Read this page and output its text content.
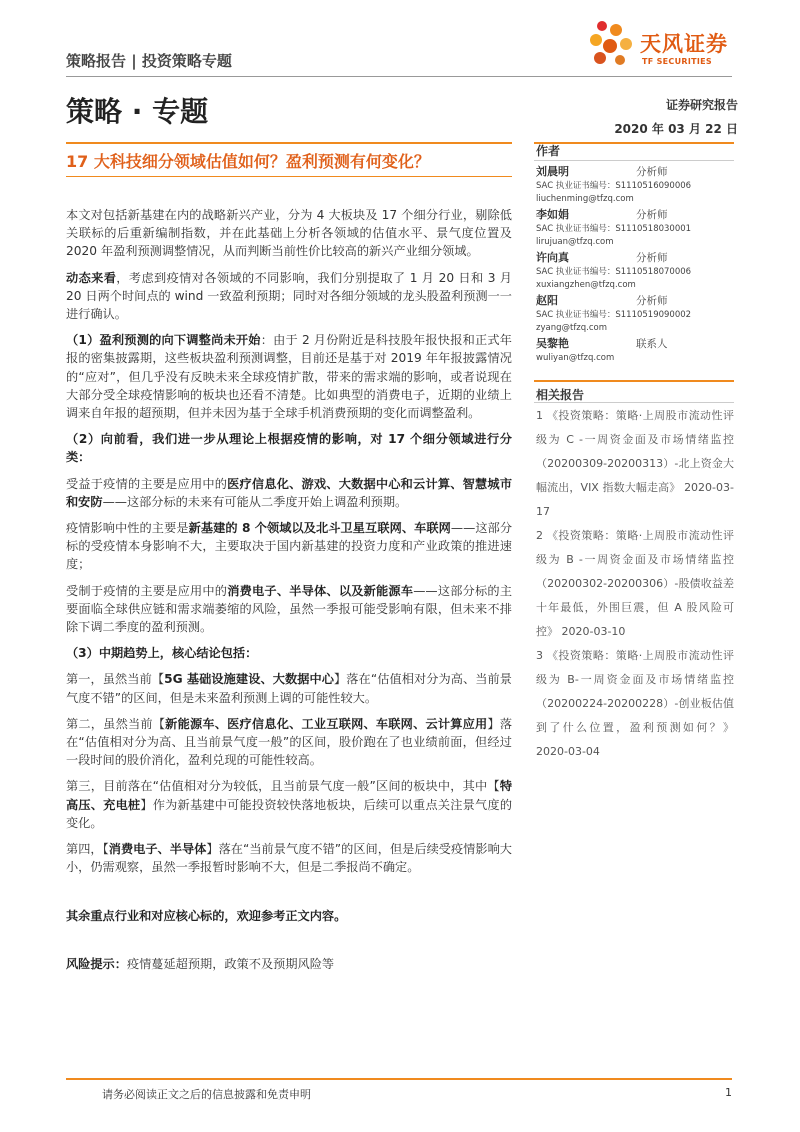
策略报告 | 投资策略专题
天风证券
TF SECURITIES
策略 · 专题	证券研究报告
2020 年 03 月 22 日
17 大科技细分领域估值如何？盈利预测有何变化？

本文对包括新基建在内的战略新兴产业，分为 4 大板块及 17 个细分行业，剔除低关联标的后重新编制指数，并在此基础上分析各领域的估值水平、景气度位置及 2020 年盈利预测调整情况，从而判断当前性价比较高的新兴产业细分领域。

动态来看，考虑到疫情对各领域的不同影响，我们分别提取了 1 月 20 日和 3 月 20 日两个时间点的 wind 一致盈利预期；同时对各细分领域的龙头股盈利预测一一进行确认。

（1）盈利预测的向下调整尚未开始：由于 2 月份附近是科技股年报快报和正式年报的密集披露期，这些板块盈利预测调整，目前还是基于对 2019 年年报披露情况的“应对”，但几乎没有反映未来全球疫情扩散，带来的需求端的影响，或者说现在大部分受全球疫情影响的板块也还看不清楚。比如典型的消费电子，近期的业绩上调来自年报的超预期，但并未因为基于全球手机消费预期的变化而调整盈利。

（2）向前看，我们进一步从理论上根据疫情的影响，对 17 个细分领域进行分类：

受益于疫情的主要是应用中的医疗信息化、游戏、大数据中心和云计算、智慧城市和安防——这部分标的未来有可能从二季度开始上调盈利预期。

疫情影响中性的主要是新基建的 8 个领域以及北斗卫星互联网、车联网——这部分标的受疫情本身影响不大，主要取决于国内新基建的投资力度和产业政策的推进速度；

受制于疫情的主要是应用中的消费电子、半导体、以及新能源车——这部分标的主要面临全球供应链和需求端萎缩的风险，虽然一季报可能受影响有限，但未来不排除下调二季度的盈利预测。

（3）中期趋势上，核心结论包括：

第一，虽然当前【5G 基础设施建设、大数据中心】落在“估值相对分为高、当前景气度不错”的区间，但是未来盈利预测上调的可能性较大。

第二，虽然当前【新能源车、医疗信息化、工业互联网、车联网、云计算应用】落在“估值相对分为高、且当前景气度一般”的区间，股价跑在了也业绩前面，但经过一段时间的股价消化，盈利兑现的可能性较高。

第三，目前落在“估值相对分为较低，且当前景气度一般”区间的板块中，其中【特高压、充电桩】作为新基建中可能投资较快落地板块，后续可以重点关注景气度的变化。

第四，【消费电子、半导体】落在“当前景气度不错”的区间，但是后续受疫情影响大小，仍需观察，虽然一季报暂时影响不大，但是二季报尚不确定。

其余重点行业和对应核心标的，欢迎参考正文内容。

风险提示：疫情蔓延超预期，政策不及预期风险等

作者
刘晨明	分析师
SAC 执业证书编号：S1110516090006
liuchenming@tfzq.com
李如娟	分析师
SAC 执业证书编号：S1110518030001
lirujuan@tfzq.com
许向真	分析师
SAC 执业证书编号：S1110518070006
xuxiangzhen@tfzq.com
赵阳	分析师
SAC 执业证书编号：S1110519090002
zyang@tfzq.com
吴黎艳	联系人
wuliyan@tfzq.com
相关报告

1 《投资策略：策略·上周股市流动性评级为 C -一周资金面及市场情绪监控（20200309-20200313）-北上资金大幅流出，VIX 指数大幅走高》 2020-03-17

2 《投资策略：策略·上周股市流动性评级为 B -一周资金面及市场情绪监控（20200302-20200306）-股债收益差十年最低，外围巨震，但 A 股风险可控》 2020-03-10

3 《投资策略：策略·上周股市流动性评级为 B-一周资金面及市场情绪监控（20200224-20200228）-创业板估值到了什么位置，盈利预测如何？》 2020-03-04

请务必阅读正文之后的信息披露和免责申明	1
